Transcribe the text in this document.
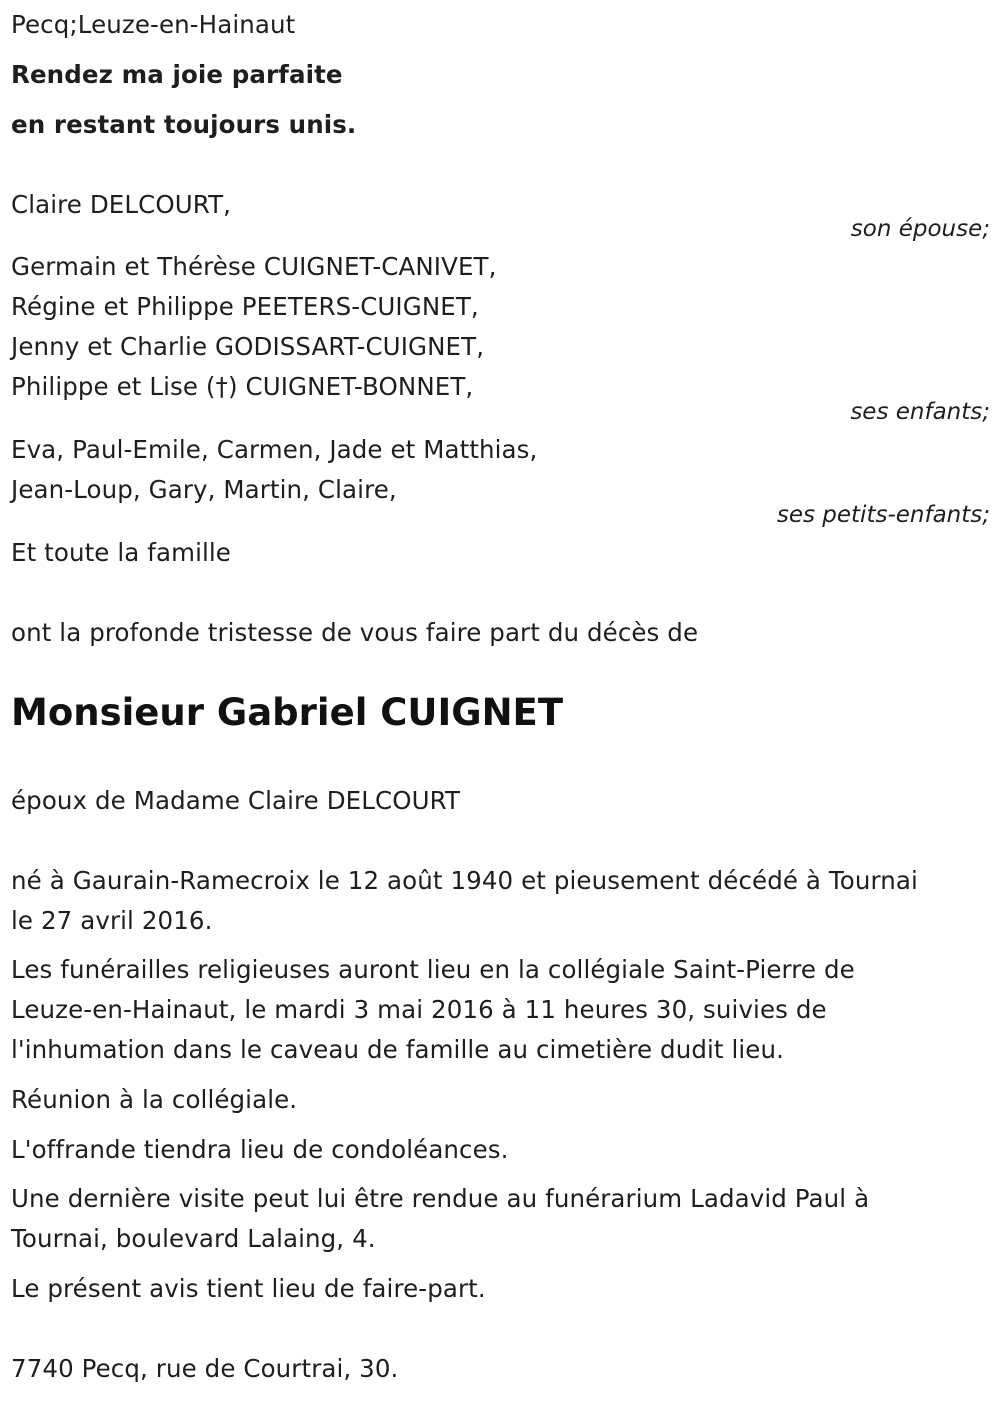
Pecq;Leuze-en-Hainaut
Rendez ma joie parfaite
en restant toujours unis.
Claire DELCOURT,
son épouse;
Germain et Thérèse CUIGNET-CANIVET,
Régine et Philippe PEETERS-CUIGNET,
Jenny et Charlie GODISSART-CUIGNET,
Philippe et Lise (†) CUIGNET-BONNET,
ses enfants;
Eva, Paul-Emile, Carmen, Jade et Matthias,
Jean-Loup, Gary, Martin, Claire,
ses petits-enfants;
Et toute la famille
ont la profonde tristesse de vous faire part du décès de
Monsieur Gabriel CUIGNET
époux de Madame Claire DELCOURT
né à Gaurain-Ramecroix le 12 août 1940 et pieusement décédé à Tournai
le 27 avril 2016.
Les funérailles religieuses auront lieu en la collégiale Saint-Pierre de
Leuze-en-Hainaut, le mardi 3 mai 2016 à 11 heures 30, suivies de
l'inhumation dans le caveau de famille au cimetière dudit lieu.
Réunion à la collégiale.
L'offrande tiendra lieu de condoléances.
Une dernière visite peut lui être rendue au funérarium Ladavid Paul à
Tournai, boulevard Lalaing, 4.
Le présent avis tient lieu de faire-part.
7740 Pecq, rue de Courtrai, 30.
